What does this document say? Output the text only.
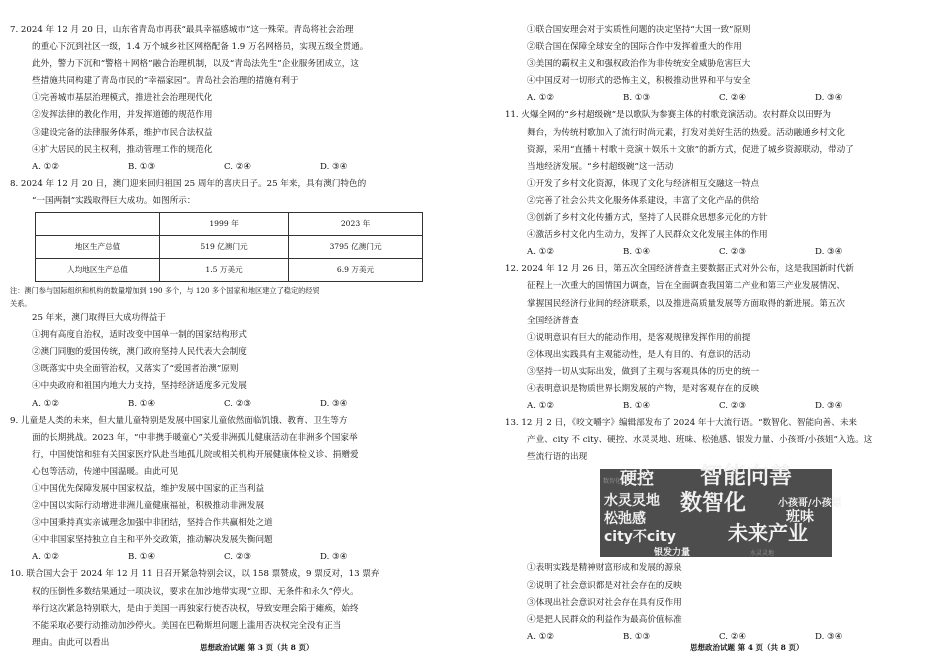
7. 2024 年 12 月 20 日，山东省青岛市再获“最具幸福感城市”这一殊荣。青岛将社会治理
的重心下沉到社区一级，1.4 万个城乡社区网格配备 1.9 万名网格员，实现五级全贯通。
此外，警力下沉和“警格＋网格”融合治理机制，以及“青岛法先生”企业服务团成立，这
些措施共同构建了青岛市民的“幸福家园”。青岛社会治理的措施有利于
①完善城市基层治理模式，推进社会治理现代化
②发挥法律的教化作用，并发挥道德的规范作用
③建设完备的法律服务体系，维护市民合法权益
④扩大居民的民主权利，推动管理工作的规范化
A. ①②	B. ①③	C. ②④	D. ③④
8. 2024 年 12 月 20 日，澳门迎来回归祖国 25 周年的喜庆日子。25 年来，具有澳门特色的
“一国两制”实践取得巨大成功。如图所示：
	1999 年	2023 年
地区生产总值	519 亿澳门元	3795 亿澳门元
人均地区生产总值	1.5 万美元	6.9 万美元
注：澳门参与国际组织和机构的数量增加到 190 多个，与 120 多个国家和地区建立了稳定的经贸
关系。
25 年来，澳门取得巨大成功得益于
①拥有高度自治权，适时改变中国单一制的国家结构形式
②澳门同胞的爱国传统，澳门政府坚持人民代表大会制度
③既落实中央全面管治权，又落实了“爱国者治澳”原则
④中央政府和祖国内地大力支持，坚持经济适度多元发展
A. ①②	B. ①④	C. ②③	D. ③④
9. 儿童是人类的未来，但大量儿童特别是发展中国家儿童依然面临饥饿、教育、卫生等方
面的长期挑战。2023 年，“中非携手暖童心”关爱非洲孤儿健康活动在非洲多个国家举
行，中国使馆和驻有关国家医疗队赴当地孤儿院或相关机构开展健康体检义诊、捐赠爱
心包等活动，传递中国温暖。由此可见
①中国优先保障发展中国家权益，维护发展中国家的正当利益
②中国以实际行动增进非洲儿童健康福祉，积极推动非洲发展
③中国秉持真实亲诚理念加强中非团结，坚持合作共赢相处之道
④中非国家坚持独立自主和平外交政策，推动解决发展失衡问题
A. ①②	B. ①④	C. ②③	D. ③④
10. 联合国大会于 2024 年 12 月 11 日召开紧急特别会议，以 158 票赞成，9 票反对，13 票弃
权的压倒性多数结果通过一项决议，要求在加沙地带实现“立即、无条件和永久”停火。
举行这次紧急特别联大，是由于美国一再独家行使否决权，导致安理会陷于瘫痪，始终
不能采取必要行动推动加沙停火。美国在巴勒斯坦问题上滥用否决权完全没有正当
理由。由此可以看出
①联合国安理会对于实质性问题的决定坚持“大国一致”原则
②联合国在保障全球安全的国际合作中发挥着重大的作用
③美国的霸权主义和强权政治作为非传统安全威胁危害巨大
④中国反对一切形式的恐怖主义，积极推动世界和平与安全
A. ①②	B. ①③	C. ②④	D. ③④
11. 火爆全网的“乡村超级碗”是以歌队为参赛主体的村歌竞演活动。农村群众以田野为
舞台，为传统村歌加入了流行时尚元素，打发对美好生活的热爱。活动融通乡村文化
资源，采用“直播＋村歌＋竞演＋娱乐＋文旅”的新方式，促进了城乡资源联动，带动了
当地经济发展。“乡村超级碗”这一活动
①开发了乡村文化资源，体现了文化与经济相互交融这一特点
②完善了社会公共文化服务体系建设，丰富了文化产品的供给
③创新了乡村文化传播方式，坚持了人民群众思想多元化的方针
④激活乡村文化内生动力，发挥了人民群众文化发展主体的作用
A. ①②	B. ①④	C. ②③	D. ③④
12. 2024 年 12 月 26 日，第五次全国经济普查主要数据正式对外公布，这是我国新时代新
征程上一次重大的国情国力调查，旨在全面调查我国第二产业和第三产业发展情况、
掌握国民经济行业间的经济联系，以及推进高质量发展等方面取得的新进展。第五次
全国经济普查
①说明意识有巨大的能动作用，是客观规律发挥作用的前提
②体现出实践具有主观能动性，是人有目的、有意识的活动
③坚持一切从实际出发，做到了主观与客观具体的历史的统一
④表明意识是物质世界长期发展的产物，是对客观存在的反映
A. ①②	B. ①④	C. ②③	D. ③④
13. 12 月 2 日，《咬文嚼字》编辑部发布了 2024 年十大流行语。“数智化、智能向善、未来
产业、city 不 city、硬控、水灵灵地、班味、松弛感、银发力量、小孩哥/小孩姐”入选。这
些流行语的出现
数智化
水灵灵地
硬控 智能向善
水灵灵地
松弛感
数智化	小孩哥/小孩姐
班味
city不city	未来产业
银发力量
①表明实践是精神财富形成和发展的源泉
②说明了社会意识都是对社会存在的反映
③体现出社会意识对社会存在具有反作用
④是把人民群众的利益作为最高价值标准
A. ①②	B. ①③	C. ②④	D. ③④
思想政治试题 第 3 页（共 8 页）	思想政治试题 第 4 页（共 8 页）
